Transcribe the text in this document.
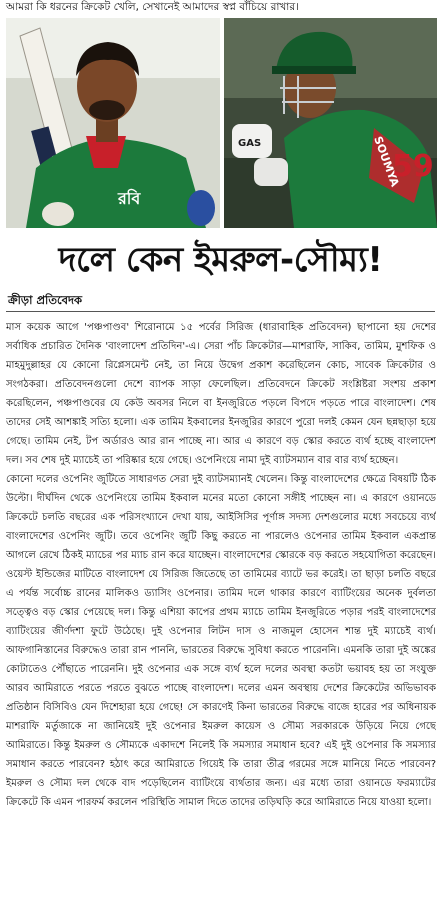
আমরা কি ধরনের ক্রিকেট খেলি, সেখানেই আমাদের স্বপ্ন বাঁচিয়ে রাখার।
রবি
SOUMYA
59
GAS
দলে কেন ইমরুল-সৌম্য!
ক্রীড়া প্রতিবেদক

মাস কয়েক আগে 'পঞ্চপাণ্ডব' শিরোনামে ১৫ পর্বের সিরিজ (ধারাবাহিক প্রতিবেদন) ছাপানো হয় দেশের সর্বাধিক প্রচারিত দৈনিক 'বাংলাদেশ প্রতিদিন'-এ। সেরা পাঁচ ক্রিকেটার—মাশরাফি, সাকিব, তামিম, মুশফিক ও মাহমুদুল্লাহর যে কোনো রিপ্লেসমেন্ট নেই, তা নিয়ে উদ্বেগ প্রকাশ করেছিলেন কোচ, সাবেক ক্রিকেটার ও সংগঠকরা। প্রতিবেদনগুলো দেশে ব্যাপক সাড়া ফেলেছিল। প্রতিবেদনে ক্রিকেট সংশ্লিষ্টরা সংশয় প্রকাশ করেছিলেন, পঞ্চপাণ্ডবের যে কেউ অবসর নিলে বা ইনজুরিতে পড়লে বিপদে পড়তে পারে বাংলাদেশ। শেষ তাদের সেই আশঙ্কাই সত্যি হলো। এক তামিম ইকবালের ইনজুরির কারণে পুরো দলই কেমন যেন ছন্নছাড়া হয়ে গেছে। তামিম নেই, টপ অর্ডারও আর রান পাচ্ছে না। আর এ কারণে বড় স্কোর করতে ব্যর্থ হচ্ছে বাংলাদেশ দল। সব শেষ দুই ম্যাচেই তা পরিষ্কার হয়ে গেছে। ওপেনিংয়ে নামা দুই ব্যাটসম্যান বার বার ব্যর্থ হচ্ছেন।

কোনো দলের ওপেনিং জুটিতে সাধারণত সেরা দুই ব্যাটসম্যানই খেলেন। কিন্তু বাংলাদেশের ক্ষেত্রে বিষয়টি ঠিক উল্টো। দীর্ঘদিন থেকে ওপেনিংয়ে তামিম ইকবাল মনের মতো কোনো সঙ্গীই পাচ্ছেন না। এ কারণে ওয়ানডে ক্রিকেটে চলতি বছরের এক পরিসংখ্যানে দেখা যায়, আইসিসির পূর্ণাঙ্গ সদস্য দেশগুলোর মধ্যে সবচেয়ে ব্যর্থ বাংলাদেশের ওপেনিং জুটি। তবে ওপেনিং জুটি কিছু করতে না পারলেও ওপেনার তামিম ইকবাল একপ্রান্ত আগলে রেখে ঠিকই ম্যাচের পর ম্যাচ রান করে যাচ্ছেন। বাংলাদেশের স্কোরকে বড় করতে সহযোগিতা করেছেন। ওয়েস্ট ইন্ডিজের মাটিতে বাংলাদেশ যে সিরিজ জিতেছে তা তামিমের ব্যাটে ভর করেই। তা ছাড়া চলতি বছরে এ পর্যন্ত সর্বোচ্চ রানের মালিকও ড্যাসিং ওপেনার। তামিম দলে থাকার কারণে ব্যাটিংয়ের অনেক দুর্বলতা সত্ত্বেও বড় স্কোর পেয়েছে দল। কিন্তু এশিয়া কাপের প্রথম ম্যাচে তামিম ইনজুরিতে পড়ার পরই বাংলাদেশের ব্যাটিংয়ের জীর্ণদশা ফুটে উঠেছে। দুই ওপেনার লিটন দাস ও নাজমুল হোসেন শান্ত দুই ম্যাচেই ব্যর্থ। আফগানিস্তানের বিরুদ্ধেও তারা রান পাননি, ভারতের বিরুদ্ধে সুবিধা করতে পারেননি। এমনকি তারা দুই অঙ্কের কোটাতেও পৌঁছাতে পারেননি। দুই ওপেনার এক সঙ্গে ব্যর্থ হলে দলের অবস্থা কতটা ভয়াবহ হয় তা সংযুক্ত আরব আমিরাতে পরতে পরতে বুঝতে পাচ্ছে বাংলাদেশ। দলের এমন অবস্থায় দেশের ক্রিকেটের অভিভাবক প্রতিষ্ঠান বিসিবিও যেন দিশেহারা হয়ে গেছে! সে কারণেই কিনা ভারতের বিরুদ্ধে বাজে হারের পর অধিনায়ক মাশরাফি মর্তুজাকে না জানিয়েই দুই ওপেনার ইমরুল কায়েস ও সৌম্য সরকারকে উড়িয়ে নিয়ে গেছে আমিরাতে। কিন্তু ইমরুল ও সৌম্যকে একাদশে নিলেই কি সমস্যার সমাধান হবে? এই দুই ওপেনার কি সমস্যার সমাধান করতে পারবেন? হঠাৎ করে আমিরাতে গিয়েই কি তারা তীব্র গরমের সঙ্গে মানিয়ে নিতে পারবেন? ইমরুল ও সৌম্য দল থেকে বাদ পড়েছিলেন ব্যাটিংয়ে ব্যর্থতার জন্য। এর মধ্যে তারা ওয়ানডে ফরম্যাটের ক্রিকেটে কি এমন পারফর্ম করলেন পরিস্থিতি সামাল দিতে তাদের তড়িঘড়ি করে আমিরাতে নিয়ে যাওয়া হলো।
